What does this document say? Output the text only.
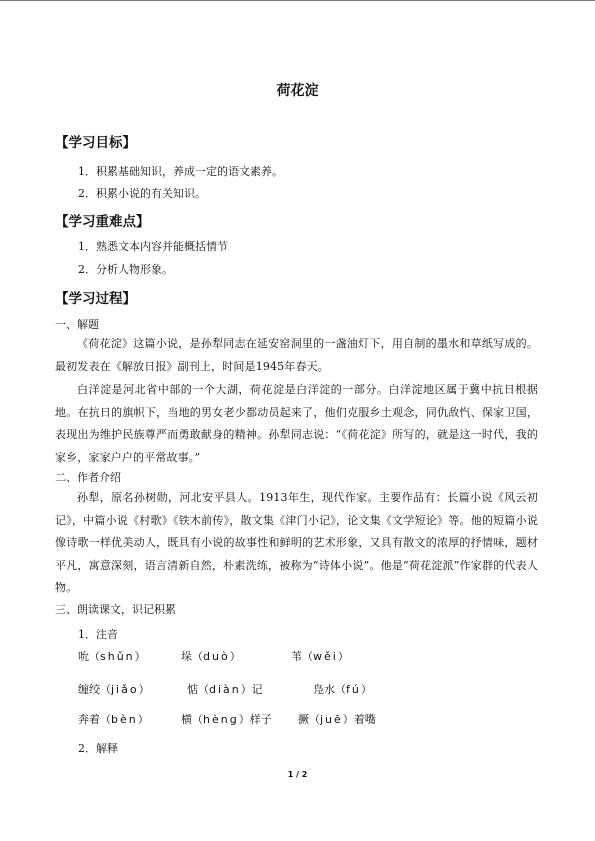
荷花淀
【学习目标】
1．积累基础知识，养成一定的语文素养。
2．积累小说的有关知识。
【学习重难点】
1．熟悉文本内容并能概括情节
2．分析人物形象。
【学习过程】
一、解题
《荷花淀》这篇小说，是孙犁同志在延安窑洞里的一盏油灯下，用自制的墨水和草纸写成的。最初发表在《解放日报》副刊上，时间是1945年春天。
白洋淀是河北省中部的一个大湖，荷花淀是白洋淀的一部分。白洋淀地区属于冀中抗日根据地。在抗日的旗帜下，当地的男女老少都动员起来了，他们克服乡土观念，同仇敌忾、保家卫国，表现出为维护民族尊严而勇敢献身的精神。孙犁同志说：“《荷花淀》所写的，就是这一时代，我的家乡，家家户户的平常故事。”
二、作者介绍
孙犁，原名孙树勋，河北安平县人。1913年生，现代作家。主要作品有：长篇小说《风云初记》，中篇小说《村歌》《铁木前传》，散文集《津门小记》，论文集《文学短论》等。他的短篇小说像诗歌一样优美动人，既具有小说的故事性和鲜明的艺术形象，又具有散文的浓厚的抒情味，题材平凡，寓意深刻，语言清新自然，朴素洗练，被称为“诗体小说”。他是“荷花淀派”作家群的代表人物。
三、朗读课文，识记积累
1．注音
吮（shǔn）	垛（duò）	苇（wěi）
缠绞（jiǎo）	惦（diàn）记	凫水（fú）
奔着（bèn）	横（hèng）样子 撅（juē）着嘴
2．解释
1 / 2
